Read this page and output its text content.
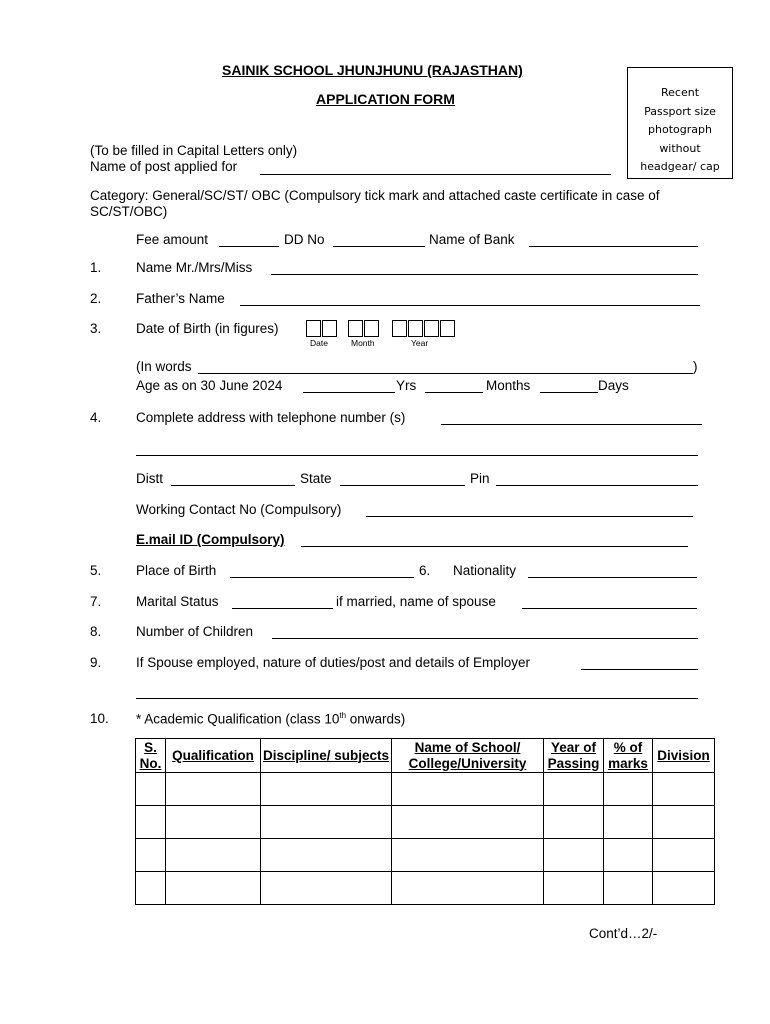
SAINIK SCHOOL JHUNJHUNU (RAJASTHAN)
APPLICATION FORM	Recent
Passport size
photograph
without
headgear/ cap
(To be filled in Capital Letters only)
Name of post applied for
Category: General/SC/ST/ OBC (Compulsory tick mark and attached caste certificate in case of
SC/ST/OBC)
Fee amount	DD No	Name of Bank
1.	Name Mr./Mrs/Miss
2.	Father’s Name
3.	Date of Birth (in figures)
Date	Month	Year
(In words	)
Age as on 30 June 2024	Yrs	Months	Days
4.	Complete address with telephone number (s)
Distt	State	Pin
Working Contact No (Compulsory)
E.mail ID (Compulsory)
5.	Place of Birth	6. Nationality
7.	Marital Status	if married, name of spouse
8.	Number of Children
9.	If Spouse employed, nature of duties/post and details of Employer
10. * Academic Qualification (class 10th onwards)
S. No.	Qualification	Discipline/ subjects	Name of School/ College/University	Year of Passing	% of marks	Division

Cont’d…2/-
